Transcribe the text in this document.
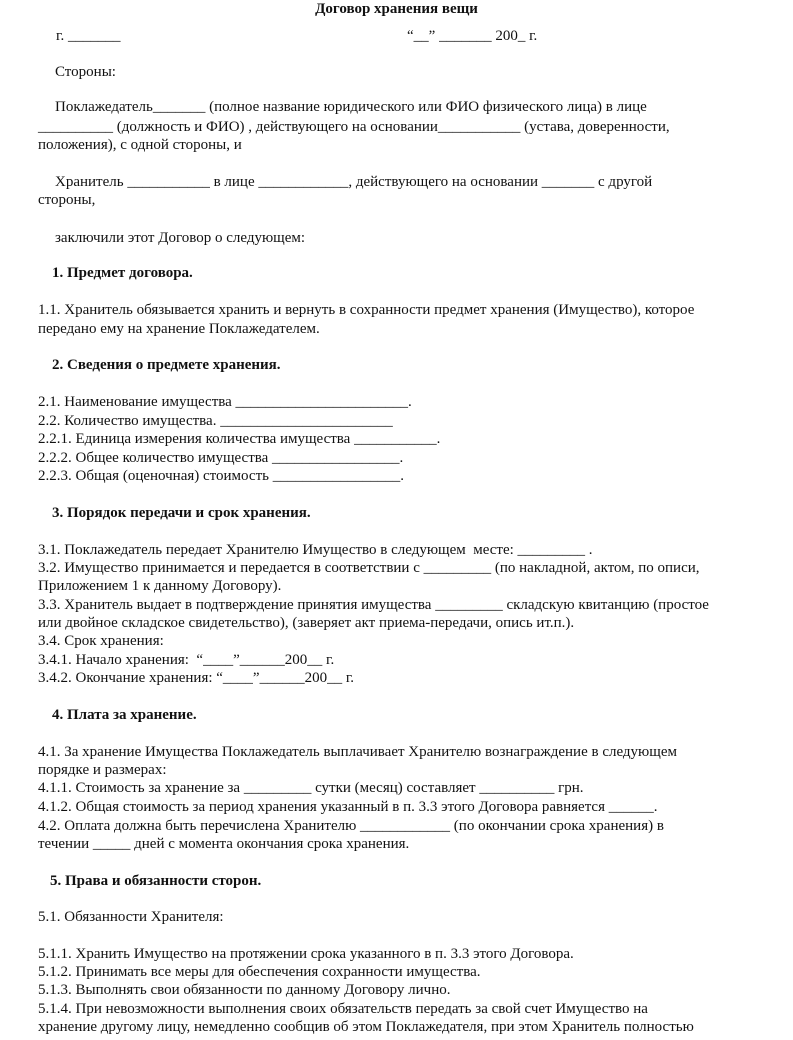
Договор хранения вещи
г. _______	“__” _______ 200_ г.
Стороны:
Поклажедатель_______ (полное название юридического или ФИО физического лица) в лице
__________ (должность и ФИО) , действующего на основании___________ (устава, доверенности,
положения), с одной стороны, и
Хранитель ___________ в лице ____________, действующего на основании _______ с другой
стороны,
заключили этот Договор о следующем:
1. Предмет договора.
1.1. Хранитель обязывается хранить и вернуть в сохранности предмет хранения (Имущество), которое
передано ему на хранение Поклажедателем.
2. Сведения о предмете хранения.
2.1. Наименование имущества _______________________.
2.2. Количество имущества. _______________________
2.2.1. Единица измерения количества имущества ___________.
2.2.2. Общее количество имущества _________________.
2.2.3. Общая (оценочная) стоимость _________________.
3. Порядок передачи и срок хранения.
3.1. Поклажедатель передает Хранителю Имущество в следующем  месте: _________ .
3.2. Имущество принимается и передается в соответствии с _________ (по накладной, актом, по описи,
Приложением 1 к данному Договору).
3.3. Хранитель выдает в подтверждение принятия имущества _________ складскую квитанцию (простое
или двойное складское свидетельство), (заверяет акт приема-передачи, опись ит.п.).
3.4. Срок хранения:
3.4.1. Начало хранения:  “____”______200__ г.
3.4.2. Окончание хранения: “____”______200__ г.
4. Плата за хранение.
4.1. За хранение Имущества Поклажедатель выплачивает Хранителю вознаграждение в следующем
порядке и размерах:
4.1.1. Стоимость за хранение за _________ сутки (месяц) составляет __________ грн.
4.1.2. Общая стоимость за период хранения указанный в п. 3.3 этого Договора равняется ______.
4.2. Оплата должна быть перечислена Хранителю ____________ (по окончании срока хранения) в
течении _____ дней с момента окончания срока хранения.
5. Права и обязанности сторон.
5.1. Обязанности Хранителя:
5.1.1. Хранить Имущество на протяжении срока указанного в п. 3.3 этого Договора.
5.1.2. Принимать все меры для обеспечения сохранности имущества.
5.1.3. Выполнять свои обязанности по данному Договору лично.
5.1.4. При невозможности выполнения своих обязательств передать за свой счет Имущество на
хранение другому лицу, немедленно сообщив об этом Поклажедателя, при этом Хранитель полностью
